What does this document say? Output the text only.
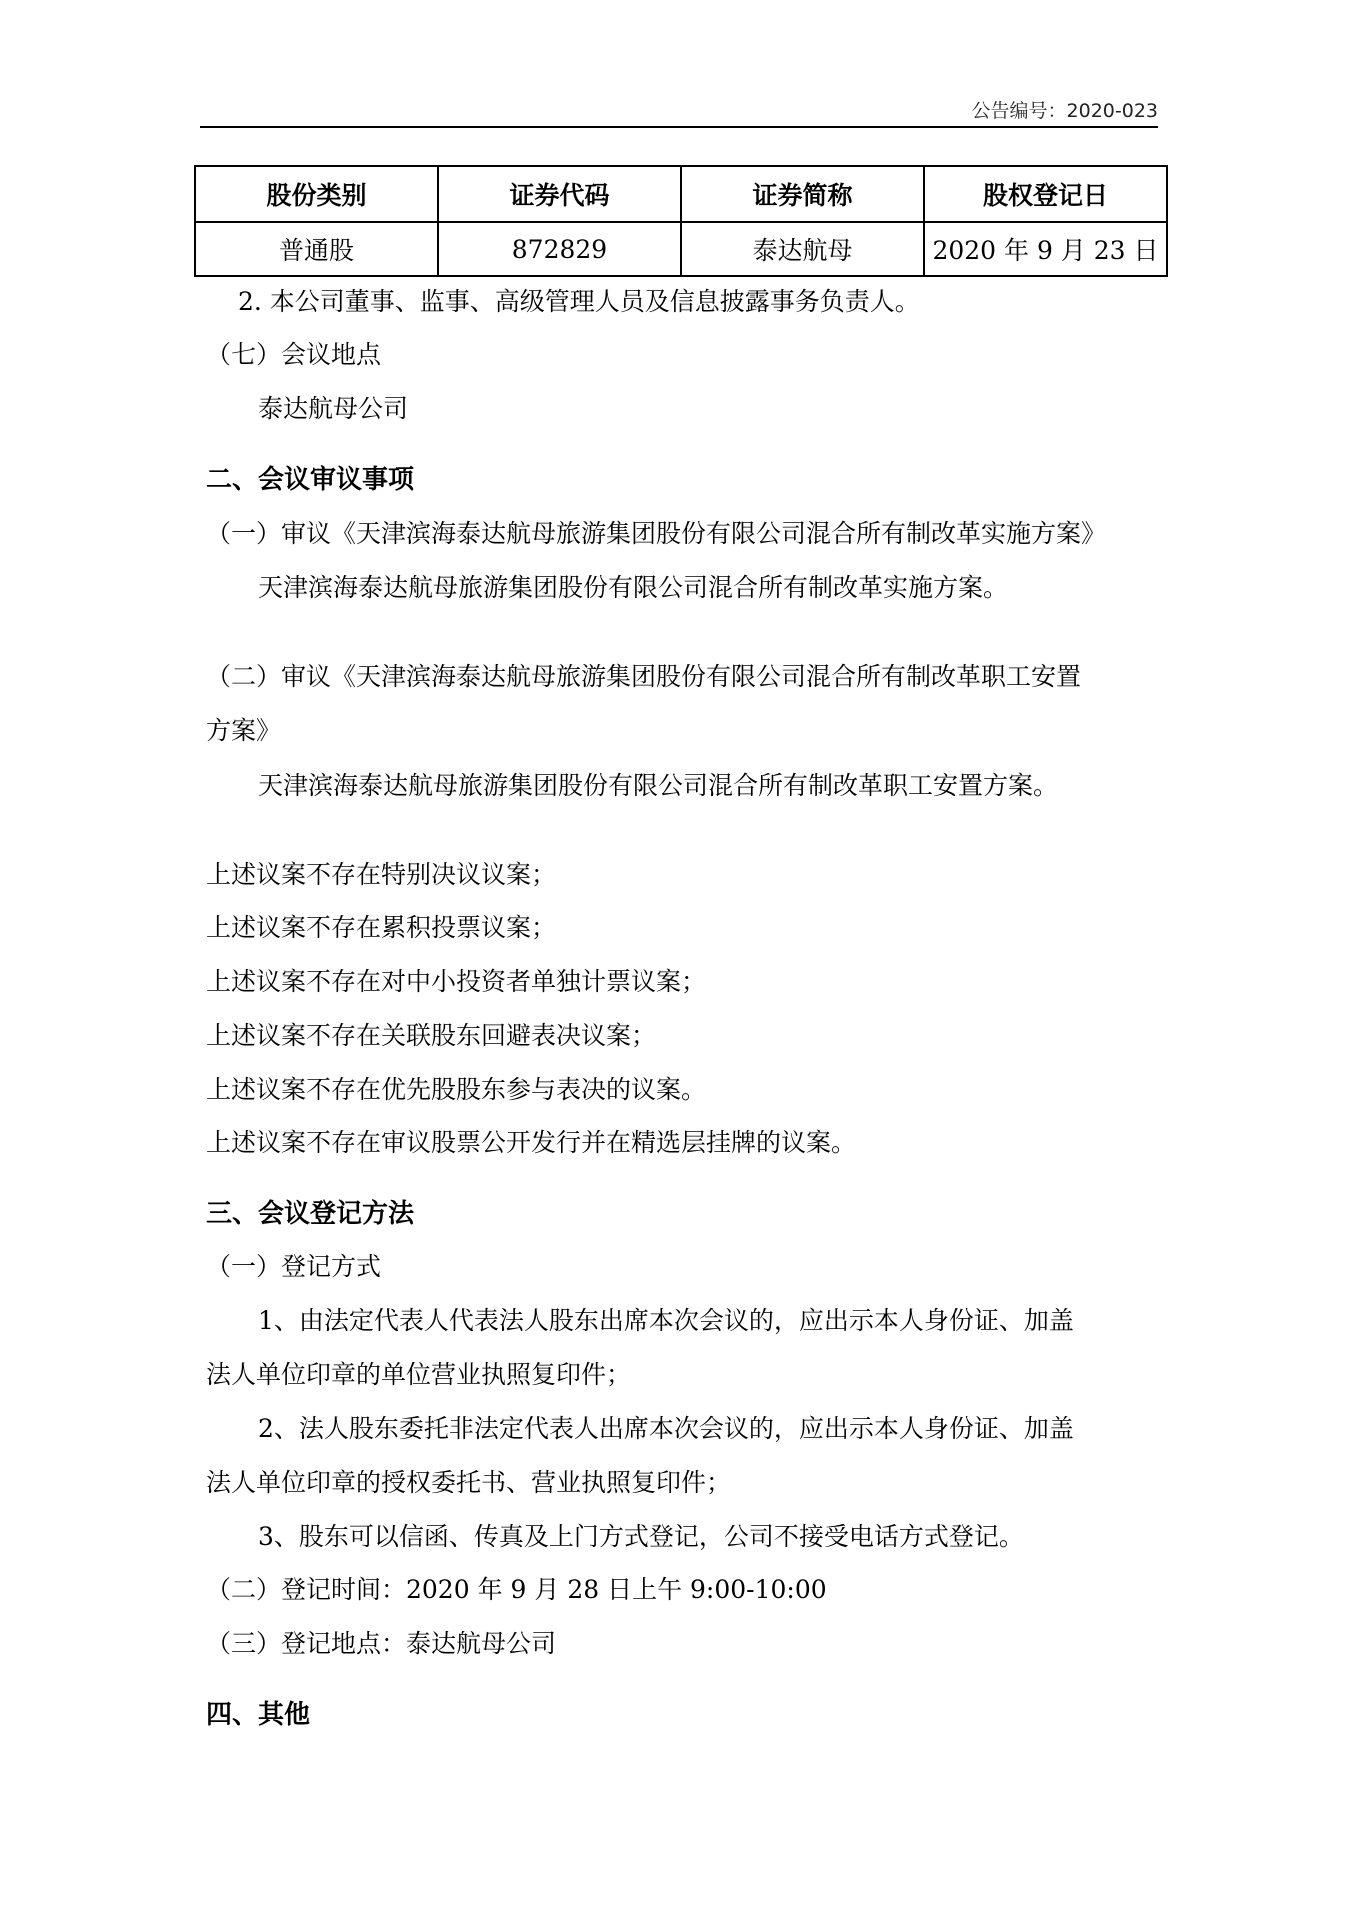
公告编号：2020-023
股份类别	证券代码	证券简称	股权登记日
普通股	872829	泰达航母	2020 年 9 月 23 日
2. 本公司董事、监事、高级管理人员及信息披露事务负责人。
（七）会议地点
泰达航母公司
二、会议审议事项
（一）审议《天津滨海泰达航母旅游集团股份有限公司混合所有制改革实施方案》
天津滨海泰达航母旅游集团股份有限公司混合所有制改革实施方案。
（二）审议《天津滨海泰达航母旅游集团股份有限公司混合所有制改革职工安置
方案》
天津滨海泰达航母旅游集团股份有限公司混合所有制改革职工安置方案。
上述议案不存在特别决议议案；
上述议案不存在累积投票议案；
上述议案不存在对中小投资者单独计票议案；
上述议案不存在关联股东回避表决议案；
上述议案不存在优先股股东参与表决的议案。
上述议案不存在审议股票公开发行并在精选层挂牌的议案。
三、会议登记方法
（一）登记方式
1、由法定代表人代表法人股东出席本次会议的，应出示本人身份证、加盖
法人单位印章的单位营业执照复印件；
2、法人股东委托非法定代表人出席本次会议的，应出示本人身份证、加盖
法人单位印章的授权委托书、营业执照复印件；
3、股东可以信函、传真及上门方式登记，公司不接受电话方式登记。
（二）登记时间：2020 年 9 月 28 日上午 9:00-10:00
（三）登记地点：泰达航母公司
四、其他
